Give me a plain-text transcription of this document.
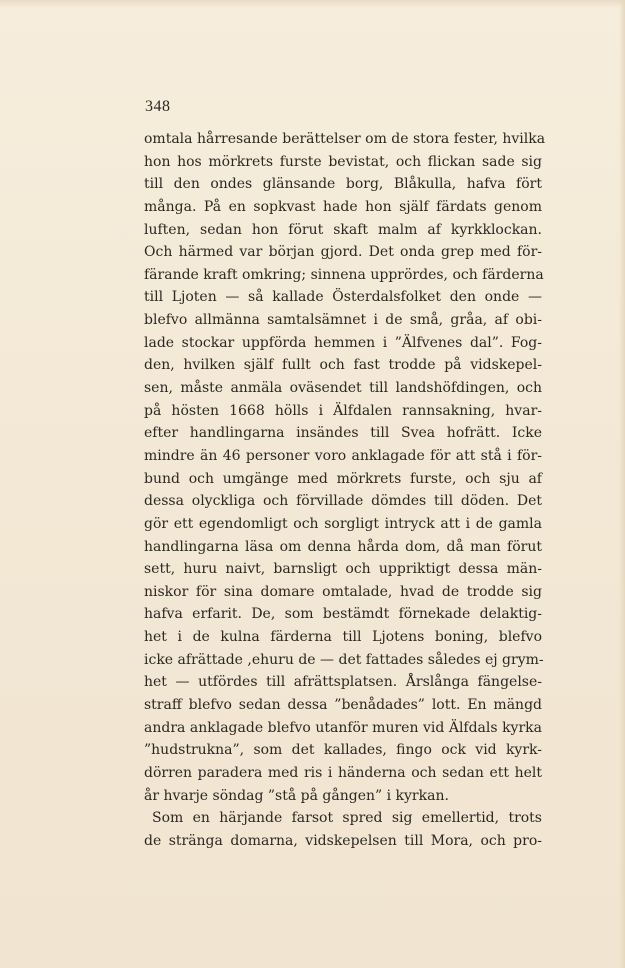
348

omtala hårresande berättelser om de stora fester, hvilka
hon hos mörkrets furste bevistat, och flickan sade sig
till den ondes glänsande borg, Blåkulla, hafva fört
många. På en sopkvast hade hon själf färdats genom
luften, sedan hon förut skaft malm af kyrkklockan.
Och härmed var början gjord. Det onda grep med för-
färande kraft omkring; sinnena upprördes, och färderna
till Ljoten — så kallade Österdalsfolket den onde —
blefvo allmänna samtalsämnet i de små, gråa, af obi-
lade stockar uppförda hemmen i ”Älfvenes dal”. Fog-
den, hvilken själf fullt och fast trodde på vidskepel-
sen, måste anmäla oväsendet till landshöfdingen, och
på hösten 1668 hölls i Älfdalen rannsakning, hvar-
efter handlingarna insändes till Svea hofrätt. Icke
mindre än 46 personer voro anklagade för att stå i för-
bund och umgänge med mörkrets furste, och sju af
dessa olyckliga och förvillade dömdes till döden. Det
gör ett egendomligt och sorgligt intryck att i de gamla
handlingarna läsa om denna hårda dom, då man förut
sett, huru naivt, barnsligt och uppriktigt dessa män-
niskor för sina domare omtalade, hvad de trodde sig
hafva erfarit. De, som bestämdt förnekade delaktig-
het i de kulna färderna till Ljotens boning, blefvo
icke afrättade ,ehuru de — det fattades således ej grym-
het — utfördes till afrättsplatsen. Årslånga fängelse-
straff blefvo sedan dessa ”benådades” lott. En mängd
andra anklagade blefvo utanför muren vid Älfdals kyrka
”hudstrukna”, som det kallades, fingo ock vid kyrk-
dörren paradera med ris i händerna och sedan ett helt
år hvarje söndag ”stå på gången” i kyrkan.
Som en härjande farsot spred sig emellertid, trots
de stränga domarna, vidskepelsen till Mora, och pro-
